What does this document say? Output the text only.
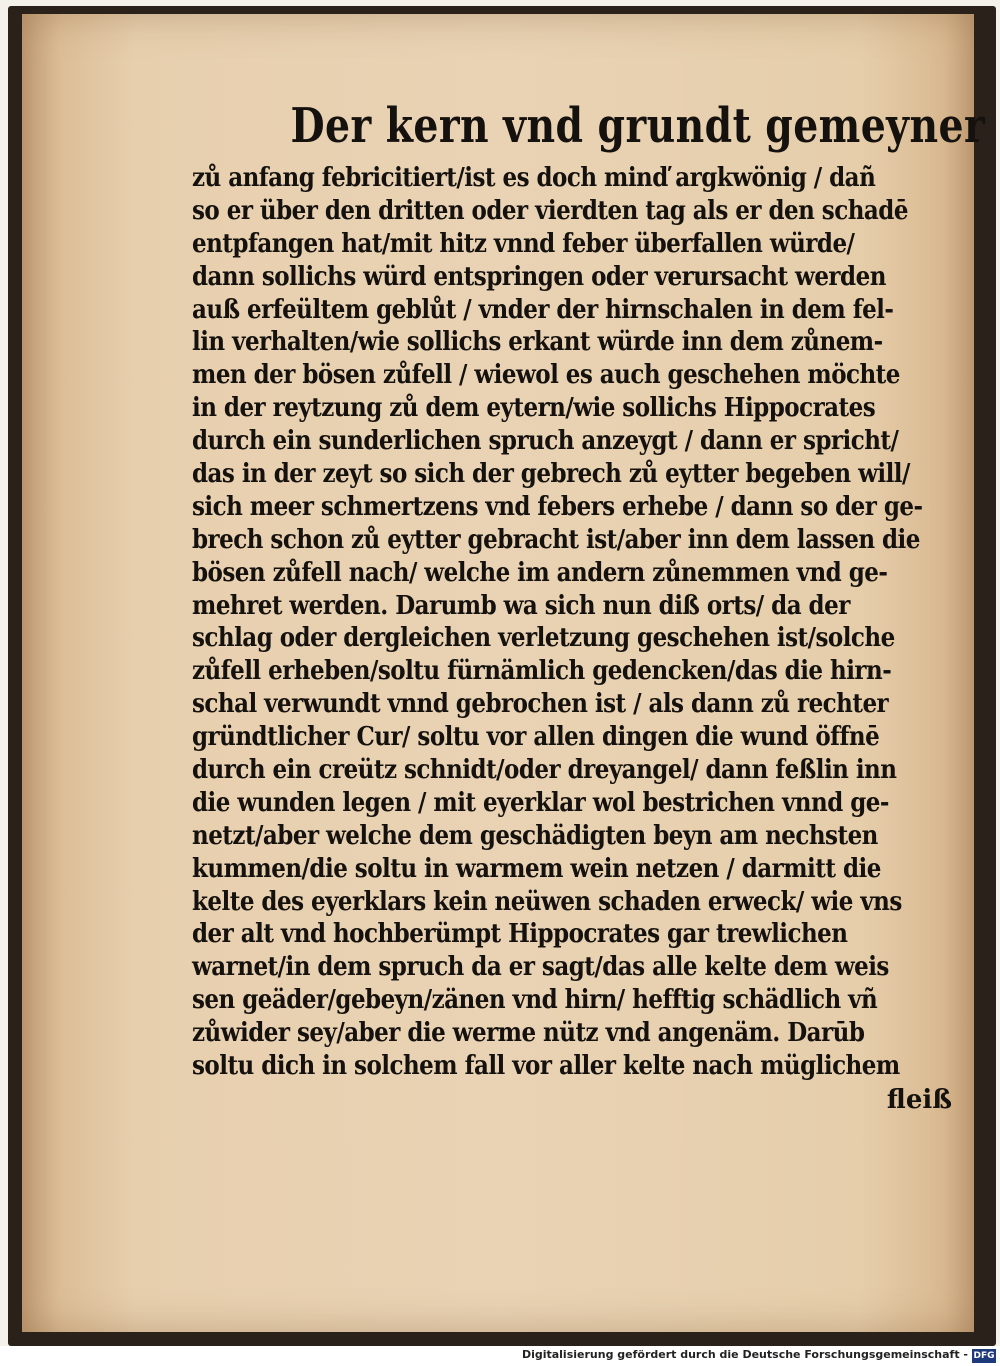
Der kern vnd grundt gemeyner
zů anfang febricitiert/ist es doch minď argkwönig / dañ
so er über den dritten oder vierdten tag als er den schadē
entpfangen hat/mit hitz vnnd feber überfallen würde/
dann sollichs würd entspringen oder verursacht werden
auß erfeültem geblůt / vnder der hirnschalen in dem fel-
lin verhalten/wie sollichs erkant würde inn dem zůnem-
men der bösen zůfell / wiewol es auch geschehen möchte
in der reytzung zů dem eytern/wie sollichs Hippocrates
durch ein sunderlichen spruch anzeygt / dann er spricht/
das in der zeyt so sich der gebrech zů eytter begeben will/
sich meer schmertzens vnd febers erhebe / dann so der ge-
brech schon zů eytter gebracht ist/aber inn dem lassen die
bösen zůfell nach/ welche im andern zůnemmen vnd ge-
mehret werden. Darumb wa sich nun diß orts/ da der
schlag oder dergleichen verletzung geschehen ist/solche
zůfell erheben/soltu fürnämlich gedencken/das die hirn-
schal verwundt vnnd gebrochen ist / als dann zů rechter
gründtlicher Cur/ soltu vor allen dingen die wund öffnē
durch ein creütz schnidt/oder dreyangel/ dann feßlin inn
die wunden legen / mit eyerklar wol bestrichen vnnd ge-
netzt/aber welche dem geschädigten beyn am nechsten
kummen/die soltu in warmem wein netzen / darmitt die
kelte des eyerklars kein neüwen schaden erweck/ wie vns
der alt vnd hochberümpt Hippocrates gar trewlichen
warnet/in dem spruch da er sagt/das alle kelte dem weis
sen geäder/gebeyn/zänen vnd hirn/ hefftig schädlich vñ
zůwider sey/aber die werme nütz vnd angenäm. Darūb
soltu dich in solchem fall vor aller kelte nach müglichem
fleiß
Digitalisierung gefördert durch die Deutsche Forschungsgemeinschaft - DFG
